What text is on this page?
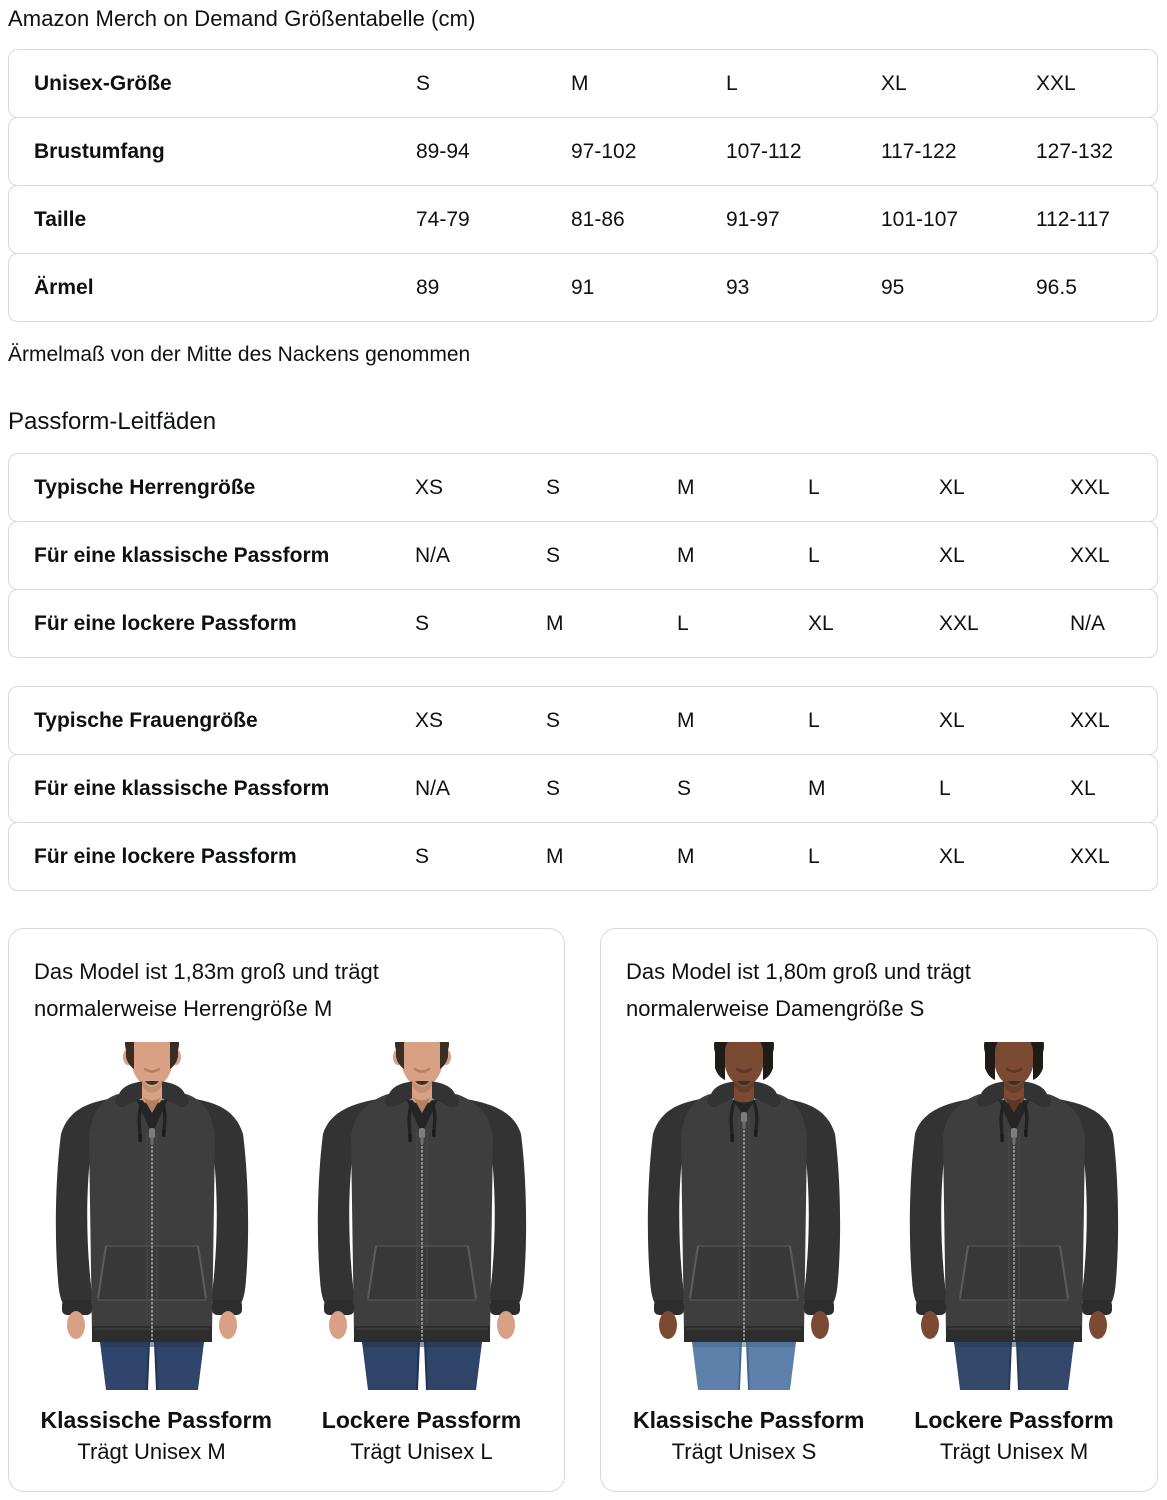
Amazon Merch on Demand Größentabelle (cm)
Unisex-Größe	S	M	L	XL	XXL
Brustumfang	89-94	97-102	107-112	117-122	127-132
Taille	74-79	81-86	91-97	101-107	112-117
Ärmel	89	91	93	95	96.5

Ärmelmaß von der Mitte des Nackens genommen

Passform-Leitfäden
Typische Herrengröße	XS	S	M	L	XL	XXL
Für eine klassische Passform	N/A	S	M	L	XL	XXL
Für eine lockere Passform	S	M	L	XL	XXL	N/A
Typische Frauengröße	XS	S	M	L	XL	XXL
Für eine klassische Passform	N/A	S	S	M	L	XL
Für eine lockere Passform	S	M	M	L	XL	XXL
Das Model ist 1,83m groß und trägt
normalerweise Herrengröße M
Klassische Passform
Trägt Unisex M
Lockere Passform
Trägt Unisex L
Das Model ist 1,80m groß und trägt
normalerweise Damengröße S
Klassische Passform
Trägt Unisex S
Lockere Passform
Trägt Unisex M
